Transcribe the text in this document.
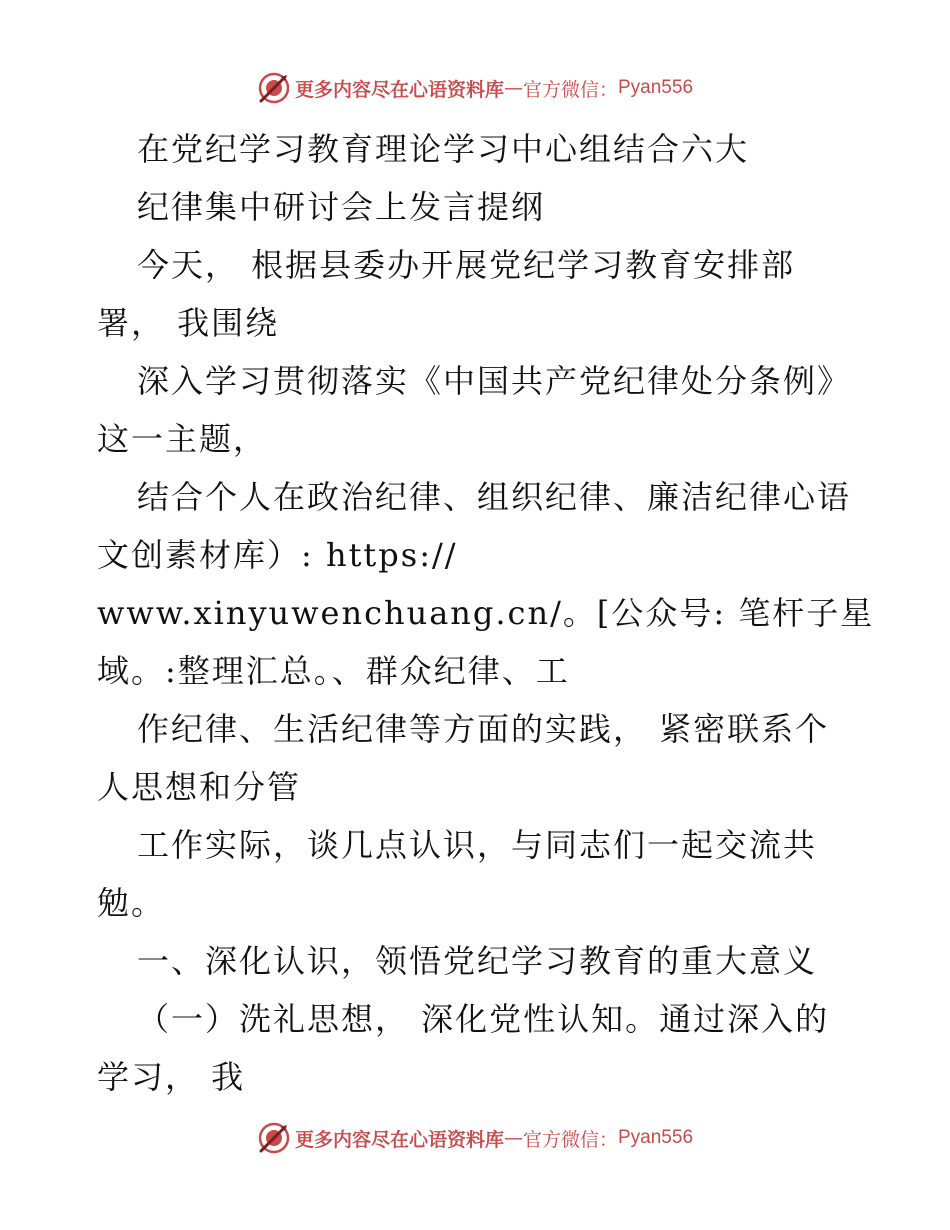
更多内容尽在心语资料库 — 官方微信： Pyan556
在党纪学习教育理论学习中心组结合六大
纪律集中研讨会上发言提纲
今天， 根据县委办开展党纪学习教育安排部
署， 我围绕
深入学习贯彻落实《中国共产党纪律处分条例》
这一主题，
结合个人在政治纪律、组织纪律、廉洁纪律心语
文创素材库）: https://
www.xinyuwenchuang.cn/。[公众号: 笔杆子星
域。:整理汇总。、群众纪律、工
作纪律、生活纪律等方面的实践， 紧密联系个
人思想和分管
工作实际，谈几点认识，与同志们一起交流共
勉。
一、深化认识，领悟党纪学习教育的重大意义
（一）洗礼思想， 深化党性认知。通过深入的
学习， 我
更多内容尽在心语资料库 — 官方微信： Pyan556
